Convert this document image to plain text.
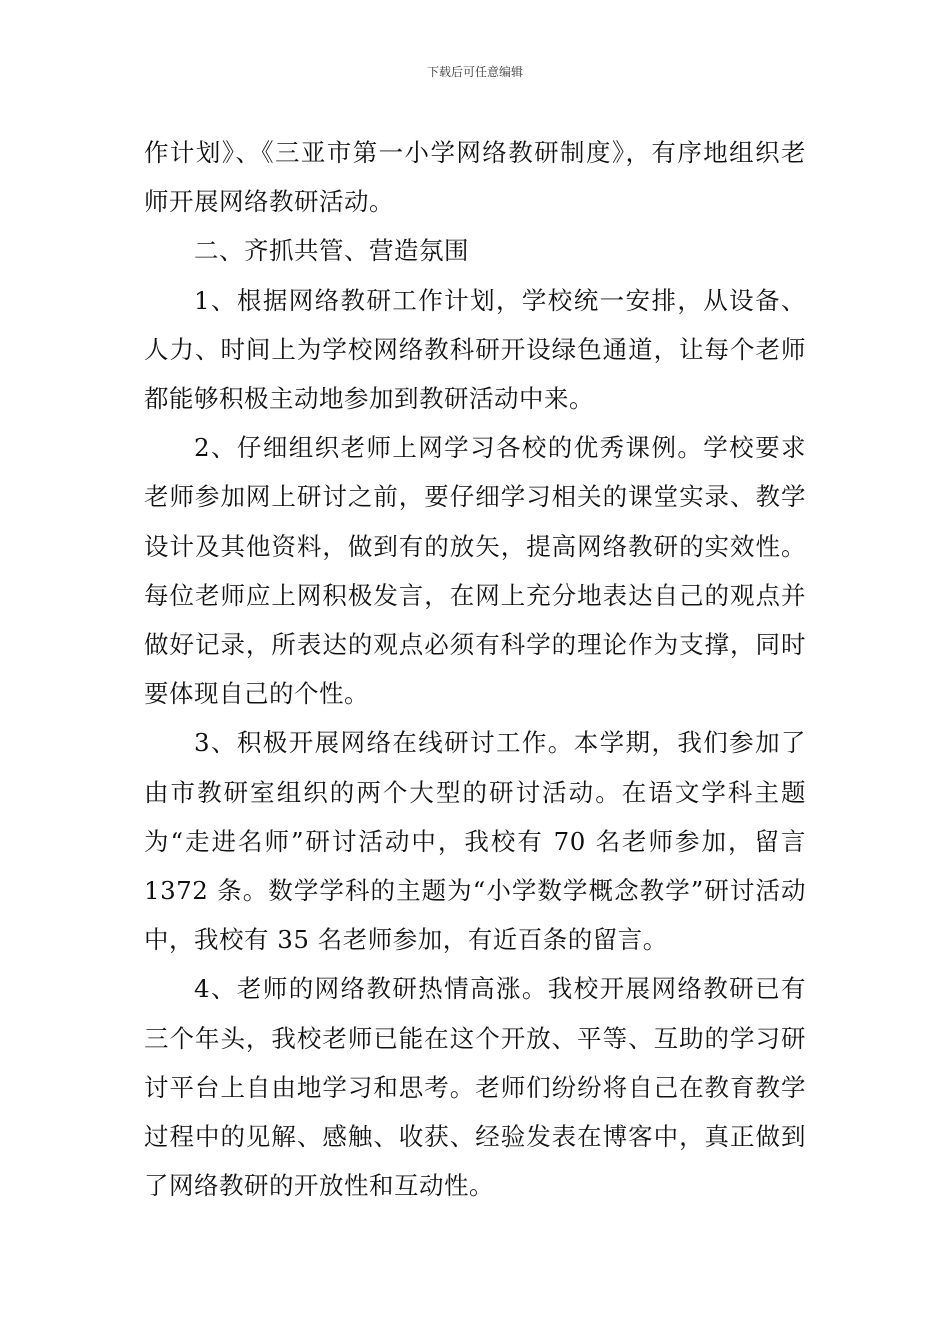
下载后可任意编辑

作计划》、《三亚市第一小学网络教研制度》，有序地组织老师开展网络教研活动。

二、齐抓共管、营造氛围

1、根据网络教研工作计划，学校统一安排，从设备、人力、时间上为学校网络教科研开设绿色通道，让每个老师都能够积极主动地参加到教研活动中来。

2、仔细组织老师上网学习各校的优秀课例。学校要求老师参加网上研讨之前，要仔细学习相关的课堂实录、教学设计及其他资料，做到有的放矢，提高网络教研的实效性。每位老师应上网积极发言，在网上充分地表达自己的观点并做好记录，所表达的观点必须有科学的理论作为支撑，同时要体现自己的个性。

3、积极开展网络在线研讨工作。本学期，我们参加了由市教研室组织的两个大型的研讨活动。在语文学科主题为“走进名师”研讨活动中，我校有 70 名老师参加，留言 1372 条。数学学科的主题为“小学数学概念教学”研讨活动中，我校有 35 名老师参加，有近百条的留言。

4、老师的网络教研热情高涨。我校开展网络教研已有三个年头，我校老师已能在这个开放、平等、互助的学习研讨平台上自由地学习和思考。老师们纷纷将自己在教育教学过程中的见解、感触、收获、经验发表在博客中，真正做到了网络教研的开放性和互动性。
